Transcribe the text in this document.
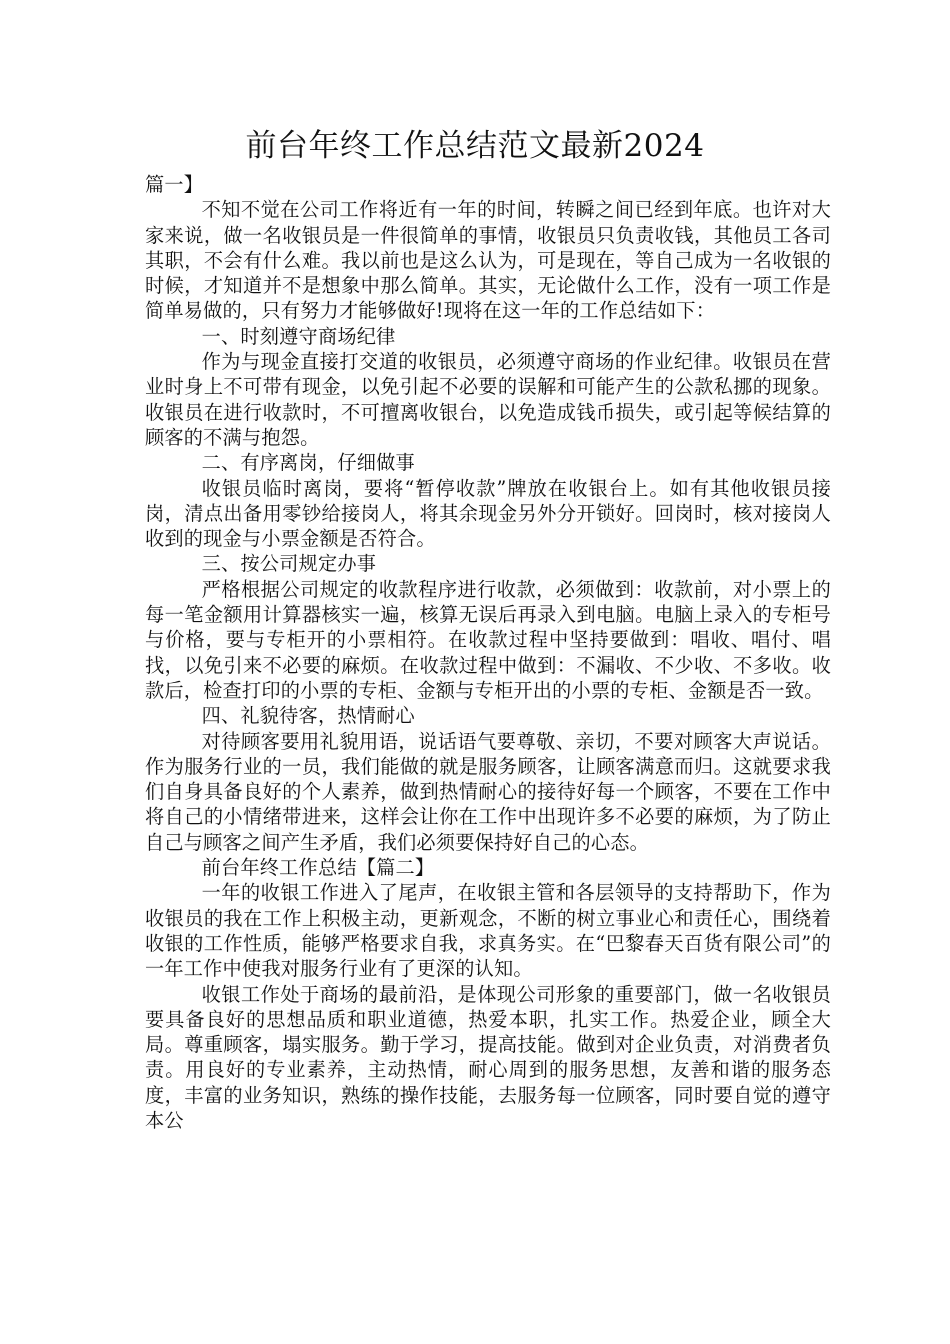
前台年终工作总结范文最新2024

篇一】

不知不觉在公司工作将近有一年的时间，转瞬之间已经到年底。也许对大家来说，做一名收银员是一件很简单的事情，收银员只负责收钱，其他员工各司其职，不会有什么难。我以前也是这么认为，可是现在，等自己成为一名收银的时候，才知道并不是想象中那么简单。其实，无论做什么工作，没有一项工作是简单易做的，只有努力才能够做好!现将在这一年的工作总结如下：

一、时刻遵守商场纪律

作为与现金直接打交道的收银员，必须遵守商场的作业纪律。收银员在营业时身上不可带有现金，以免引起不必要的误解和可能产生的公款私挪的现象。收银员在进行收款时，不可擅离收银台，以免造成钱币损失，或引起等候结算的顾客的不满与抱怨。

二、有序离岗，仔细做事

收银员临时离岗，要将“暂停收款”牌放在收银台上。如有其他收银员接岗，清点出备用零钞给接岗人，将其余现金另外分开锁好。回岗时，核对接岗人收到的现金与小票金额是否符合。

三、按公司规定办事

严格根据公司规定的收款程序进行收款，必须做到：收款前，对小票上的每一笔金额用计算器核实一遍，核算无误后再录入到电脑。电脑上录入的专柜号与价格，要与专柜开的小票相符。在收款过程中坚持要做到：唱收、唱付、唱找，以免引来不必要的麻烦。在收款过程中做到：不漏收、不少收、不多收。收款后，检查打印的小票的专柜、金额与专柜开出的小票的专柜、金额是否一致。

四、礼貌待客，热情耐心

对待顾客要用礼貌用语，说话语气要尊敬、亲切，不要对顾客大声说话。作为服务行业的一员，我们能做的就是服务顾客，让顾客满意而归。这就要求我们自身具备良好的个人素养，做到热情耐心的接待好每一个顾客，不要在工作中将自己的小情绪带进来，这样会让你在工作中出现许多不必要的麻烦，为了防止自己与顾客之间产生矛盾，我们必须要保持好自己的心态。

前台年终工作总结【篇二】

一年的收银工作进入了尾声，在收银主管和各层领导的支持帮助下，作为收银员的我在工作上积极主动，更新观念，不断的树立事业心和责任心，围绕着收银的工作性质，能够严格要求自我，求真务实。在“巴黎春天百货有限公司”的一年工作中使我对服务行业有了更深的认知。

收银工作处于商场的最前沿，是体现公司形象的重要部门，做一名收银员要具备良好的思想品质和职业道德，热爱本职，扎实工作。热爱企业，顾全大局。尊重顾客，塌实服务。勤于学习，提高技能。做到对企业负责，对消费者负责。用良好的专业素养，主动热情，耐心周到的服务思想，友善和谐的服务态度，丰富的业务知识，熟练的操作技能，去服务每一位顾客，同时要自觉的遵守本公
